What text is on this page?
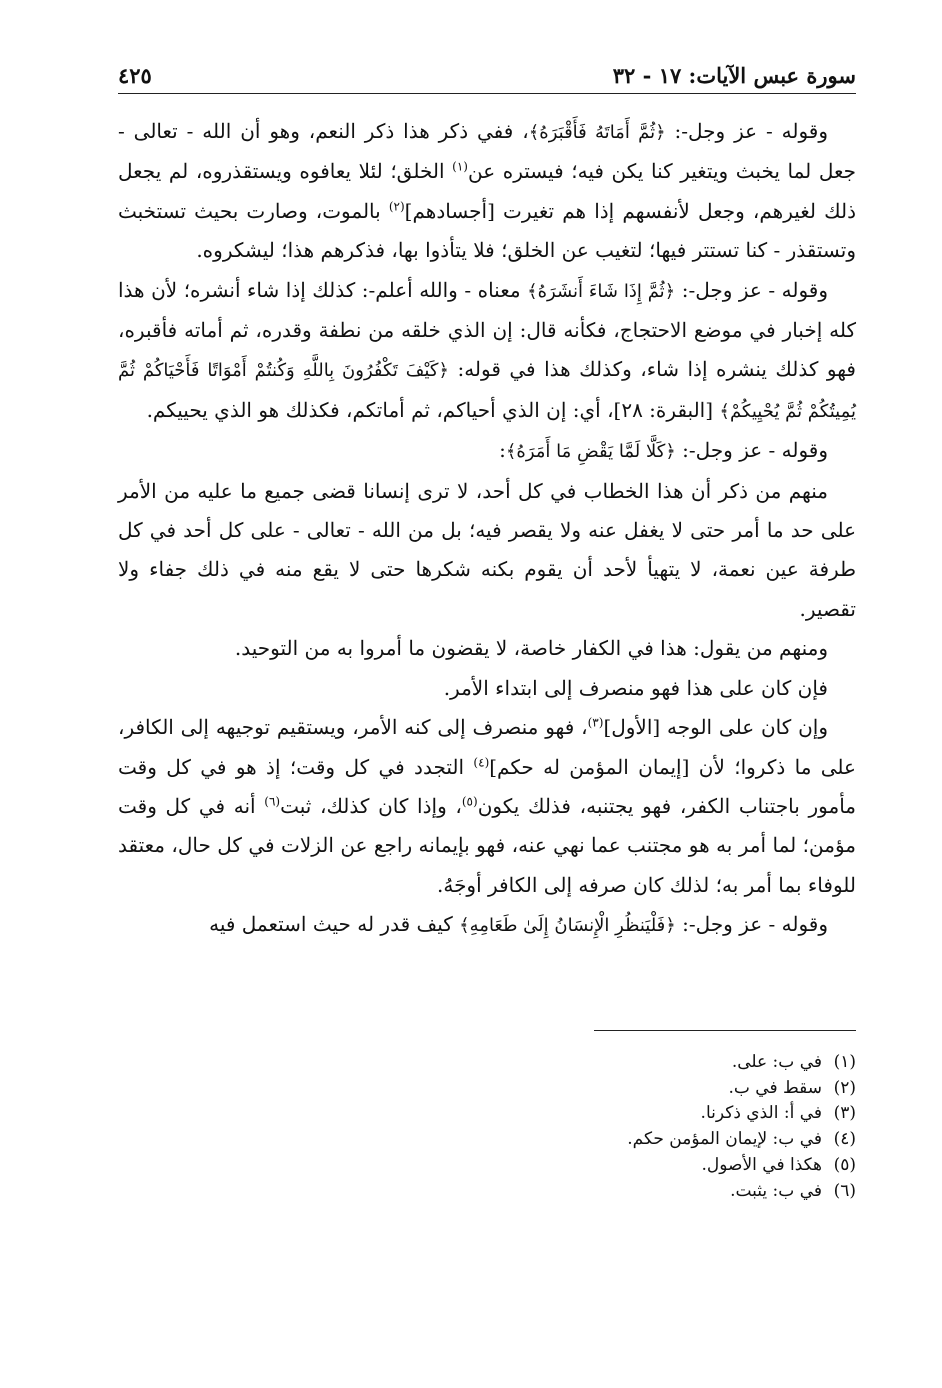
سورة عبس الآيات: ١٧ - ٣٢
٤٢٥

وقوله - عز وجل-: ﴿ثُمَّ أَمَاتَهُ فَأَقْبَرَهُ﴾، ففي ذكر هذا ذكر النعم، وهو أن الله - تعالى - جعل لما يخبث ويتغير كنا يكن فيه؛ فيستره عن$^{(١)}$ الخلق؛ لئلا يعافوه ويستقذروه، لم يجعل ذلك لغيرهم، وجعل لأنفسهم إذا هم تغيرت [أجسادهم]$^{(٢)}$ بالموت، وصارت بحيث تستخبث وتستقذر - كنا تستتر فيها؛ لتغيب عن الخلق؛ فلا يتأذوا بها، فذكرهم هذا؛ ليشكروه.

وقوله - عز وجل-: ﴿ثُمَّ إِذَا شَاءَ أَنشَرَهُ﴾ معناه - والله أعلم-: كذلك إذا شاء أنشره؛ لأن هذا كله إخبار في موضع الاحتجاج، فكأنه قال: إن الذي خلقه من نطفة وقدره، ثم أماته فأقبره، فهو كذلك ينشره إذا شاء، وكذلك هذا في قوله: ﴿كَيْفَ تَكْفُرُونَ بِاللَّهِ وَكُنتُمْ أَمْوَاتًا فَأَحْيَاكُمْ ثُمَّ يُمِيتُكُمْ ثُمَّ يُحْيِيكُمْ﴾ [البقرة: ٢٨]، أي: إن الذي أحياكم، ثم أماتكم، فكذلك هو الذي يحييكم.

وقوله - عز وجل-: ﴿كَلَّا لَمَّا يَقْضِ مَا أَمَرَهُ﴾:

منهم من ذكر أن هذا الخطاب في كل أحد، لا ترى إنسانا قضى جميع ما عليه من الأمر على حد ما أمر حتى لا يغفل عنه ولا يقصر فيه؛ بل من الله - تعالى - على كل أحد في كل طرفة عين نعمة، لا يتهيأ لأحد أن يقوم بكنه شكرها حتى لا يقع منه في ذلك جفاء ولا تقصير.

ومنهم من يقول: هذا في الكفار خاصة، لا يقضون ما أمروا به من التوحيد.

فإن كان على هذا فهو منصرف إلى ابتداء الأمر.

وإن كان على الوجه [الأول]$^{(٣)}$، فهو منصرف إلى كنه الأمر، ويستقيم توجيهه إلى الكافر، على ما ذكروا؛ لأن [إيمان المؤمن له حكم]$^{(٤)}$ التجدد في كل وقت؛ إذ هو في كل وقت مأمور باجتناب الكفر، فهو يجتنبه، فذلك يكون$^{(٥)}$، وإذا كان كذلك، ثبت$^{(٦)}$ أنه في كل وقت مؤمن؛ لما أمر به هو مجتنب عما نهي عنه، فهو بإيمانه راجع عن الزلات في كل حال، معتقد للوفاء بما أمر به؛ لذلك كان صرفه إلى الكافر أوجَهُ.

وقوله - عز وجل-: ﴿فَلْيَنظُرِ الْإِنسَانُ إِلَىٰ طَعَامِهِ﴾ كيف قدر له حيث استعمل فيه

(١)في ب: على.
(٢)سقط في ب.
(٣)في أ: الذي ذكرنا.
(٤)في ب: لإيمان المؤمن حكم.
(٥)هكذا في الأصول.
(٦)في ب: يثبت.
